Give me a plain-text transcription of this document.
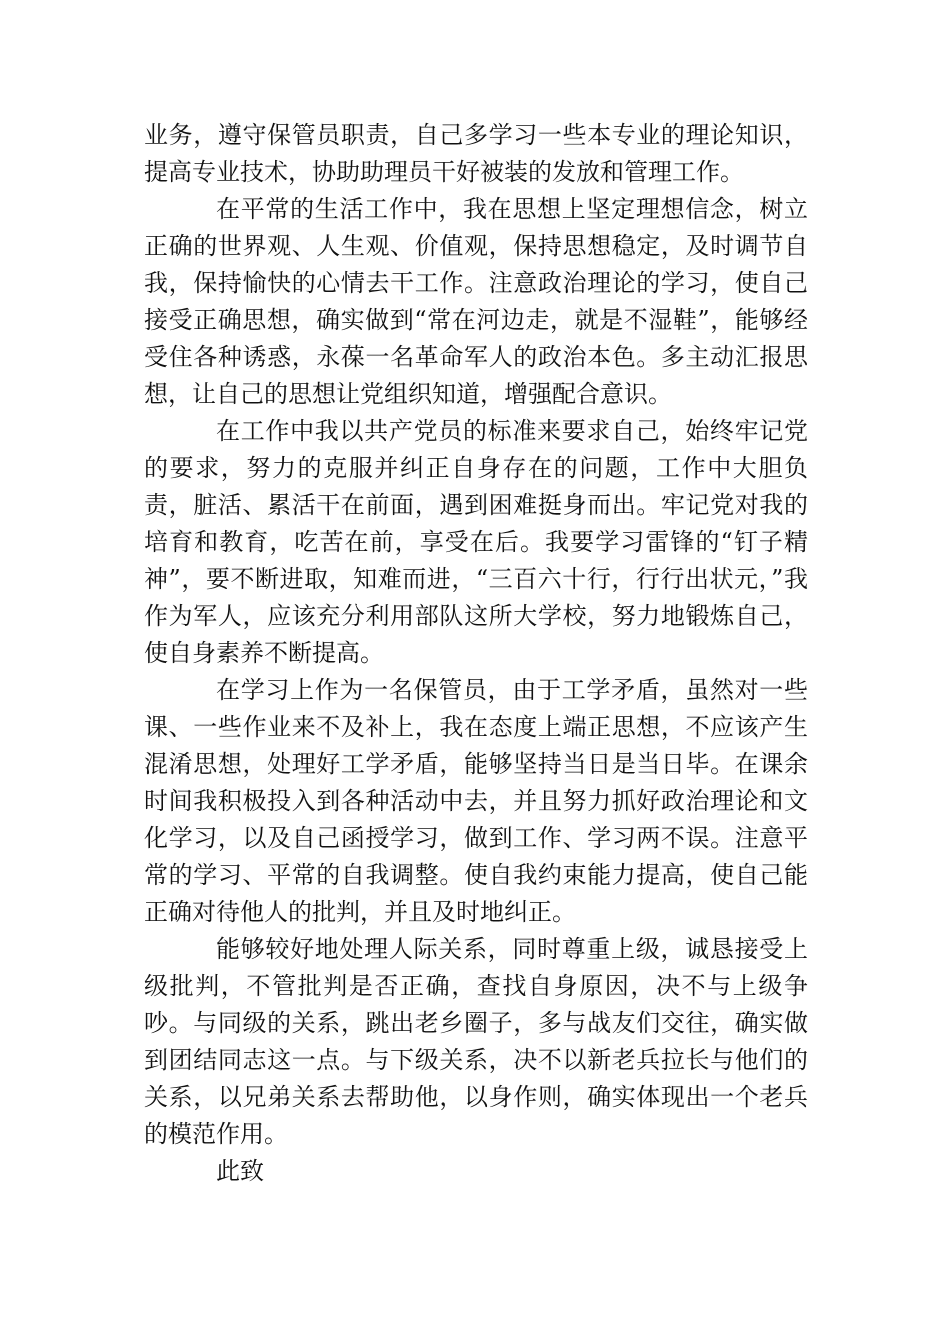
业务，遵守保管员职责，自己多学习一些本专业的理论知识，提高专业技术，协助助理员干好被装的发放和管理工作。

在平常的生活工作中，我在思想上坚定理想信念，树立正确的世界观、人生观、价值观，保持思想稳定，及时调节自我，保持愉快的心情去干工作。注意政治理论的学习，使自己接受正确思想，确实做到“常在河边走，就是不湿鞋”，能够经受住各种诱惑，永葆一名革命军人的政治本色。多主动汇报思想，让自己的思想让党组织知道，增强配合意识。

在工作中我以共产党员的标准来要求自己，始终牢记党的要求，努力的克服并纠正自身存在的问题，工作中大胆负责，脏活、累活干在前面，遇到困难挺身而出。牢记党对我的培育和教育，吃苦在前，享受在后。我要学习雷锋的“钉子精神”，要不断进取，知难而进，“三百六十行，行行出状元，”我作为军人，应该充分利用部队这所大学校，努力地锻炼自己，使自身素养不断提高。

在学习上作为一名保管员，由于工学矛盾，虽然对一些课、一些作业来不及补上，我在态度上端正思想，不应该产生混淆思想，处理好工学矛盾，能够坚持当日是当日毕。在课余时间我积极投入到各种活动中去，并且努力抓好政治理论和文化学习，以及自己函授学习，做到工作、学习两不误。注意平常的学习、平常的自我调整。使自我约束能力提高，使自己能正确对待他人的批判，并且及时地纠正。

能够较好地处理人际关系，同时尊重上级，诚恳接受上级批判，不管批判是否正确，查找自身原因，决不与上级争吵。与同级的关系，跳出老乡圈子，多与战友们交往，确实做到团结同志这一点。与下级关系，决不以新老兵拉长与他们的关系，以兄弟关系去帮助他，以身作则，确实体现出一个老兵的模范作用。

此致
